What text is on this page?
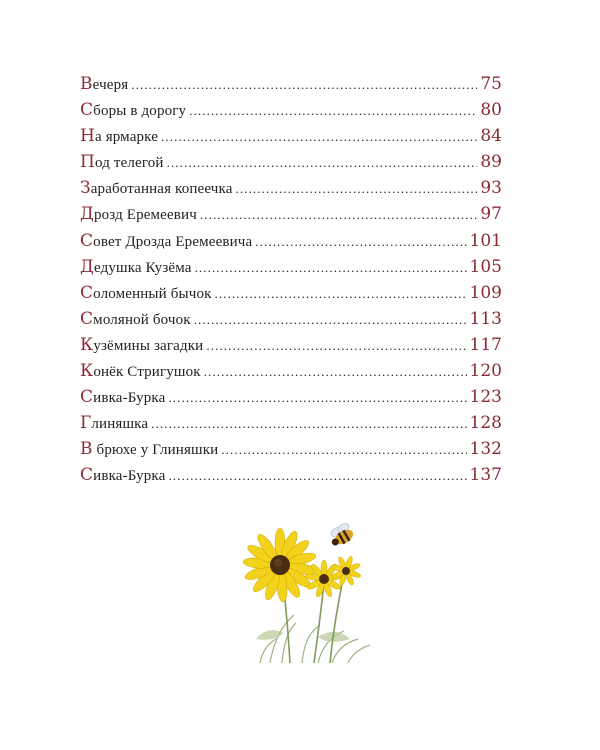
Вечеря .....	75
Сборы в дорогу .....	80
На ярмарке .....	84
Под телегой .....	89
Заработанная копеечка .....	93
Дрозд Еремеевич .....	97
Совет Дрозда Еремеевича .....	101
Дедушка Кузёма .....	105
Соломенный бычок .....	109
Смоляной бочок .....	113
Кузёмины загадки .....	117
Конёк Стригушок .....	120
Сивка-Бурка .....	123
Глиняшка .....	128
В брюхе у Глиняшки .....	132
Сивка-Бурка .....	137
